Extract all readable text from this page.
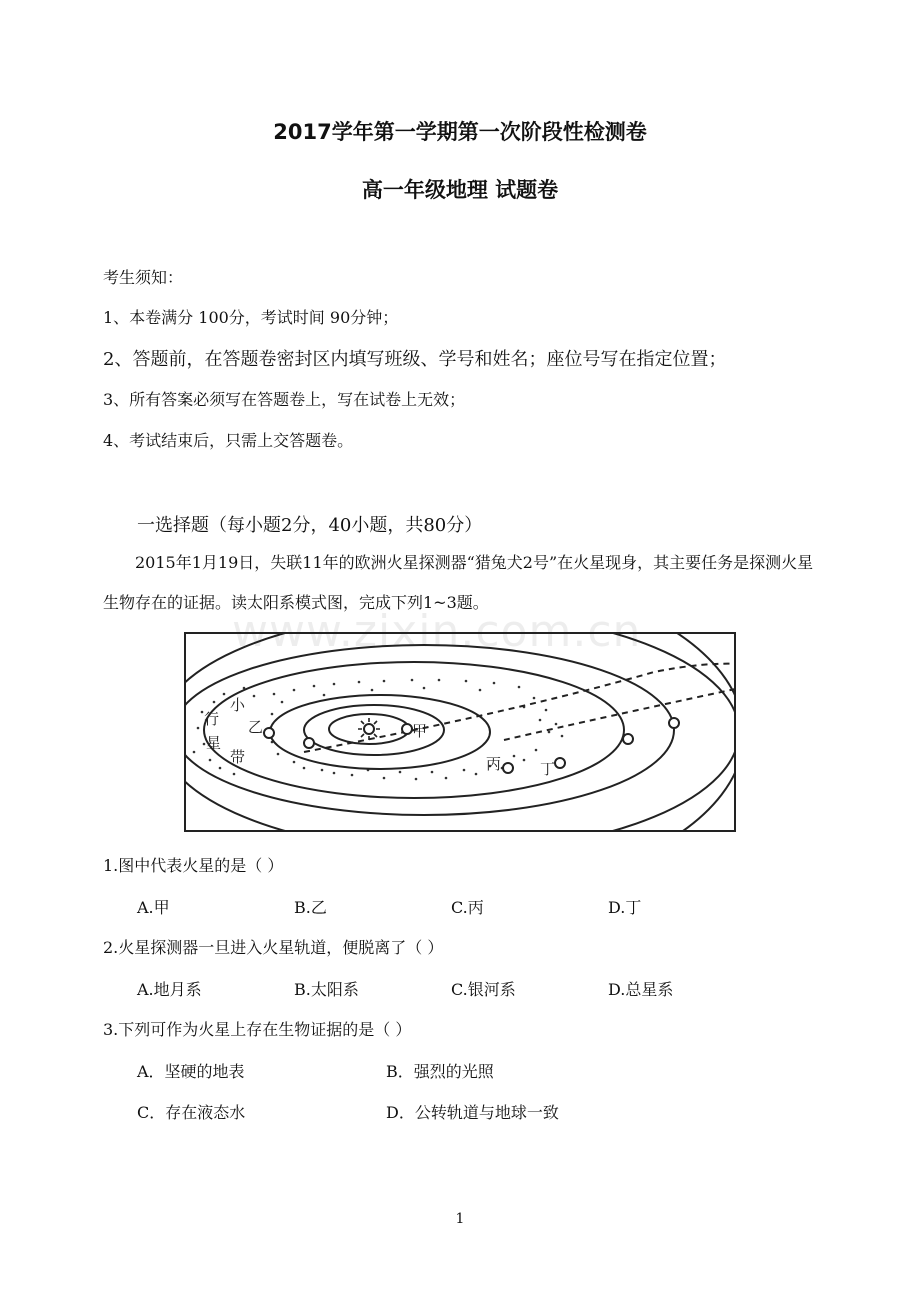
2017学年第一学期第一次阶段性检测卷
高一年级地理 试题卷
考生须知：
1、本卷满分 100分，考试时间 90分钟；
2、答题前，在答题卷密封区内填写班级、学号和姓名；座位号写在指定位置；
3、所有答案必须写在答题卷上，写在试卷上无效；
4、考试结束后，只需上交答题卷。
一选择题（每小题2分，40小题，共80分）
2015年1月19日，失联11年的欧洲火星探测器“猎兔犬2号”在火星现身，其主要任务是探测火星生物存在的证据。读太阳系模式图，完成下列1~3题。
www.zixin.com.cn
小
行
星
带
甲
乙
丙	丁
1.图中代表火星的是（ ）
A.甲	B.乙	C.丙	D.丁
2.火星探测器一旦进入火星轨道，便脱离了（ ）
A.地月系	B.太阳系	C.银河系	D.总星系
3.下列可作为火星上存在生物证据的是（ ）
A．坚硬的地表	B．强烈的光照
C．存在液态水	D．公转轨道与地球一致
1
